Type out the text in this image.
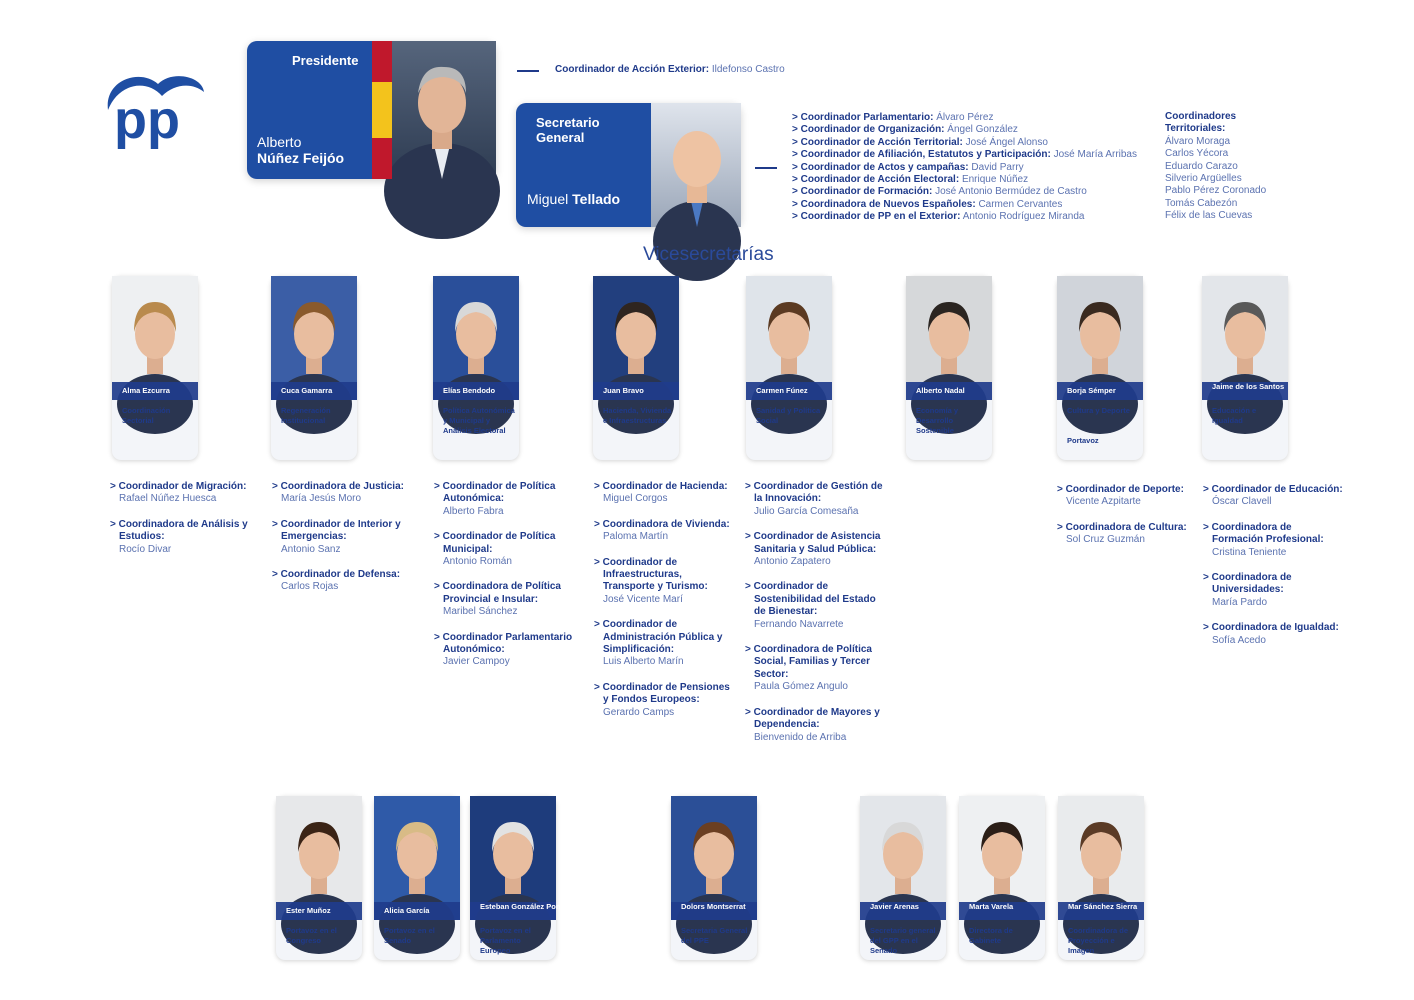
pp
Presidente
Alberto
Núñez Feijóo
Coordinador de Acción Exterior: Ildefonso Castro
Secretario General
Miguel Tellado
> Coordinador Parlamentario: Álvaro Pérez
> Coordinador de Organización: Ángel González
> Coordinador de Acción Territorial: José Ángel Alonso
> Coordinador de Afiliación, Estatutos y Participación: José María Arribas
> Coordinador de Actos y campañas: David Parry
> Coordinador de Acción Electoral: Enrique Núñez
> Coordinador de Formación: José Antonio Bermúdez de Castro
> Coordinadora de Nuevos Españoles: Carmen Cervantes
> Coordinador de PP en el Exterior: Antonio Rodríguez Miranda
Coordinadores
Territoriales:
Álvaro Moraga
Carlos Yécora
Eduardo Carazo
Silverio Argüelles
Pablo Pérez Coronado
Tomás Cabezón
Félix de las Cuevas
Vicesecretarías
Alma Ezcurra
Coordinación Sectorial
Cuca Gamarra
Regeneración Institucional
Elías Bendodo
Política Autonómica y Municipal y Análisis Electoral
Juan Bravo
Hacienda, Vivienda e Infraestructuras
Carmen Fúnez
Sanidad y Política Social
Alberto Nadal
Economía y Desarrollo Sostenible
Borja Sémper
Cultura y Deporte
Portavoz
Jaime de los Santos
Educación e Igualdad
> Coordinador de Migración:
Rafael Núñez Huesca
> Coordinadora de Análisis y Estudios:
Rocío Divar
> Coordinadora de Justicia:
María Jesús Moro
> Coordinador de Interior y Emergencias:
Antonio Sanz
> Coordinador de Defensa:
Carlos Rojas
> Coordinador de Política Autonómica:
Alberto Fabra
> Coordinador de Política Municipal:
Antonio Román
> Coordinadora de Política Provincial e Insular:
Maribel Sánchez
> Coordinador Parlamentario Autonómico:
Javier Campoy
> Coordinador de Hacienda:
Miguel Corgos
> Coordinadora de Vivienda:
Paloma Martín
> Coordinador de Infraestructuras, Transporte y Turismo:
José Vicente Marí
> Coordinador de Administración Pública y Simplificación:
Luis Alberto Marín
> Coordinador de Pensiones y Fondos Europeos:
Gerardo Camps
> Coordinador de Gestión de la Innovación:
Julio García Comesaña
> Coordinador de Asistencia Sanitaria y Salud Pública:
Antonio Zapatero
> Coordinador de Sostenibilidad del Estado de Bienestar:
Fernando Navarrete
> Coordinadora de Política Social, Familias y Tercer Sector:
Paula Gómez Angulo
> Coordinador de Mayores y Dependencia:
Bienvenido de Arriba
> Coordinador de Deporte:
Vicente Azpitarte
> Coordinadora de Cultura:
Sol Cruz Guzmán
> Coordinador de Educación:
Óscar Clavell
> Coordinadora de Formación Profesional:
Cristina Teniente
> Coordinadora de Universidades:
María Pardo
> Coordinadora de Igualdad:
Sofía Acedo
Ester Muñoz
Portavoz en el Congreso
Alicia García
Portavoz en el Senado
Esteban González Pons
Portavoz en el Parlamento Europeo
Dolors Montserrat
Secretaria General del PPE
Javier Arenas
Secretario general del GPP en el Senado
Marta Varela
Directora de Gabinete
Mar Sánchez Sierra
Coordinadora de Proyección e Imagen
